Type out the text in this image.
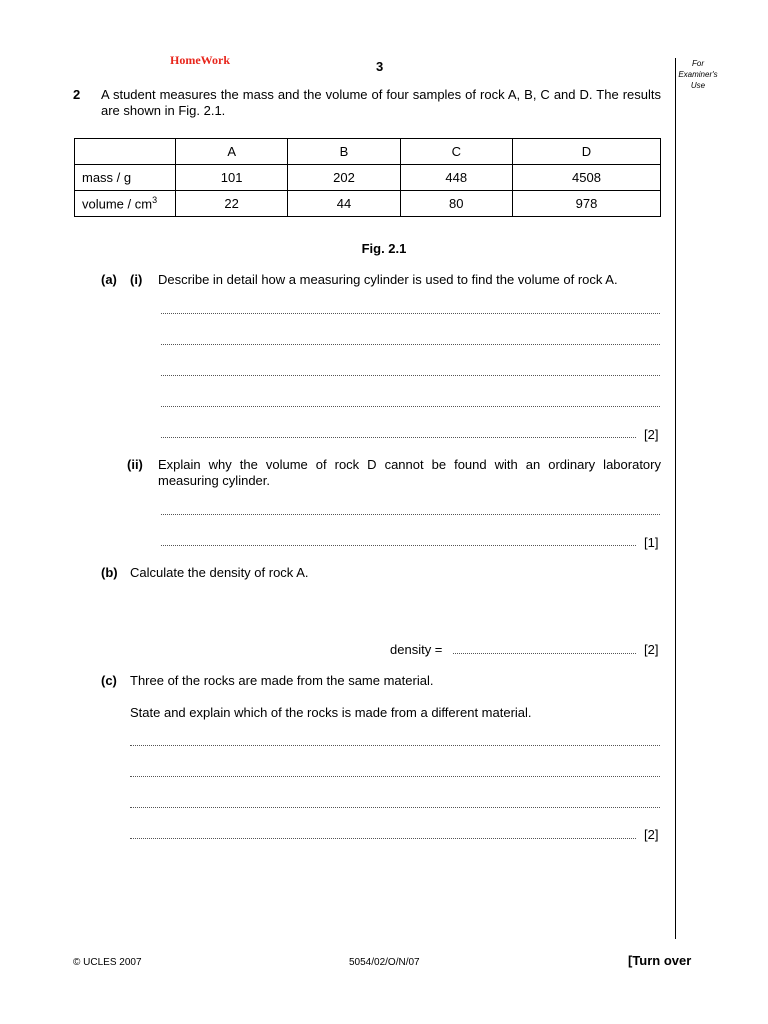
HomeWork	3	For
Examiner's
Use
2 A student measures the mass and the volume of four samples of rock A, B, C and D. The results are shown in Fig. 2.1.
	A	B	C	D
mass / g	101	202	448	4508
volume / $cm^3$	22	44	80	978
Fig. 2.1
(a) (i) Describe in detail how a measuring cylinder is used to find the volume of rock A.
[2]
(ii) Explain why the volume of rock D cannot be found with an ordinary laboratory measuring cylinder.
[1]
(b) Calculate the density of rock A.
density =	[2]
(c) Three of the rocks are made from the same material.
State and explain which of the rocks is made from a different material.
[2]
© UCLES 2007	5054/02/O/N/07	[Turn over
